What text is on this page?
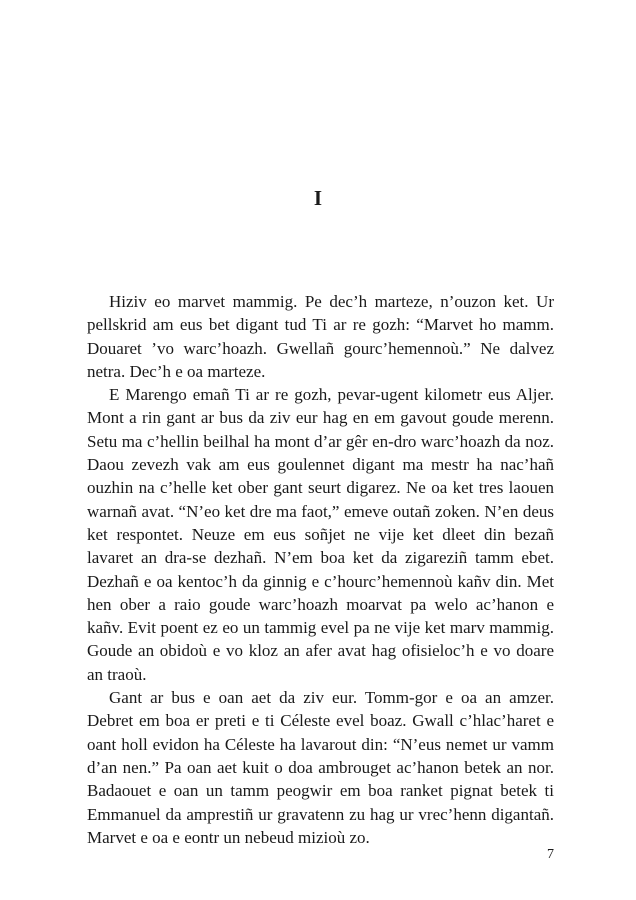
I

Hiziv eo marvet mammig. Pe dec’h marteze, n’ouzon ket. Ur pellskrid am eus bet digant tud Ti ar re gozh: “Marvet ho mamm. Douaret ’vo warc’hoazh. Gwellañ gourc’hemennoù.” Ne dalvez netra. Dec’h e oa marteze.

E Marengo emañ Ti ar re gozh, pevar-ugent kilometr eus Aljer. Mont a rin gant ar bus da ziv eur hag en em gavout goude merenn. Setu ma c’hellin beilhal ha mont d’ar gêr en-dro warc’hoazh da noz. Daou zevezh vak am eus goulennet digant ma mestr ha nac’hañ ouzhin na c’helle ket ober gant seurt digarez. Ne oa ket tres laouen warnañ avat. “N’eo ket dre ma faot,” emeve outañ zoken. N’en deus ket respontet. Neuze em eus soñjet ne vije ket dleet din bezañ lavaret an dra-se dezhañ. N’em boa ket da zigareziñ tamm ebet. Dezhañ e oa kentoc’h da ginnig e c’hourc’hemennoù kañv din. Met hen ober a raio goude warc’hoazh moarvat pa welo ac’hanon e kañv. Evit poent ez eo un tammig evel pa ne vije ket marv mammig. Goude an obidoù e vo kloz an afer avat hag ofisieloc’h e vo doare an traoù.

Gant ar bus e oan aet da ziv eur. Tomm-gor e oa an amzer. Debret em boa er preti e ti Céleste evel boaz. Gwall c’hlac’haret e oant holl evidon ha Céleste ha lavarout din: “N’eus nemet ur vamm d’an nen.” Pa oan aet kuit o doa ambrouget ac’hanon betek an nor. Badaouet e oan un tamm peogwir em boa ranket pignat betek ti Emmanuel da amprestiñ ur gravatenn zu hag ur vrec’henn digantañ. Marvet e oa e eontr un nebeud mizioù zo.

7
